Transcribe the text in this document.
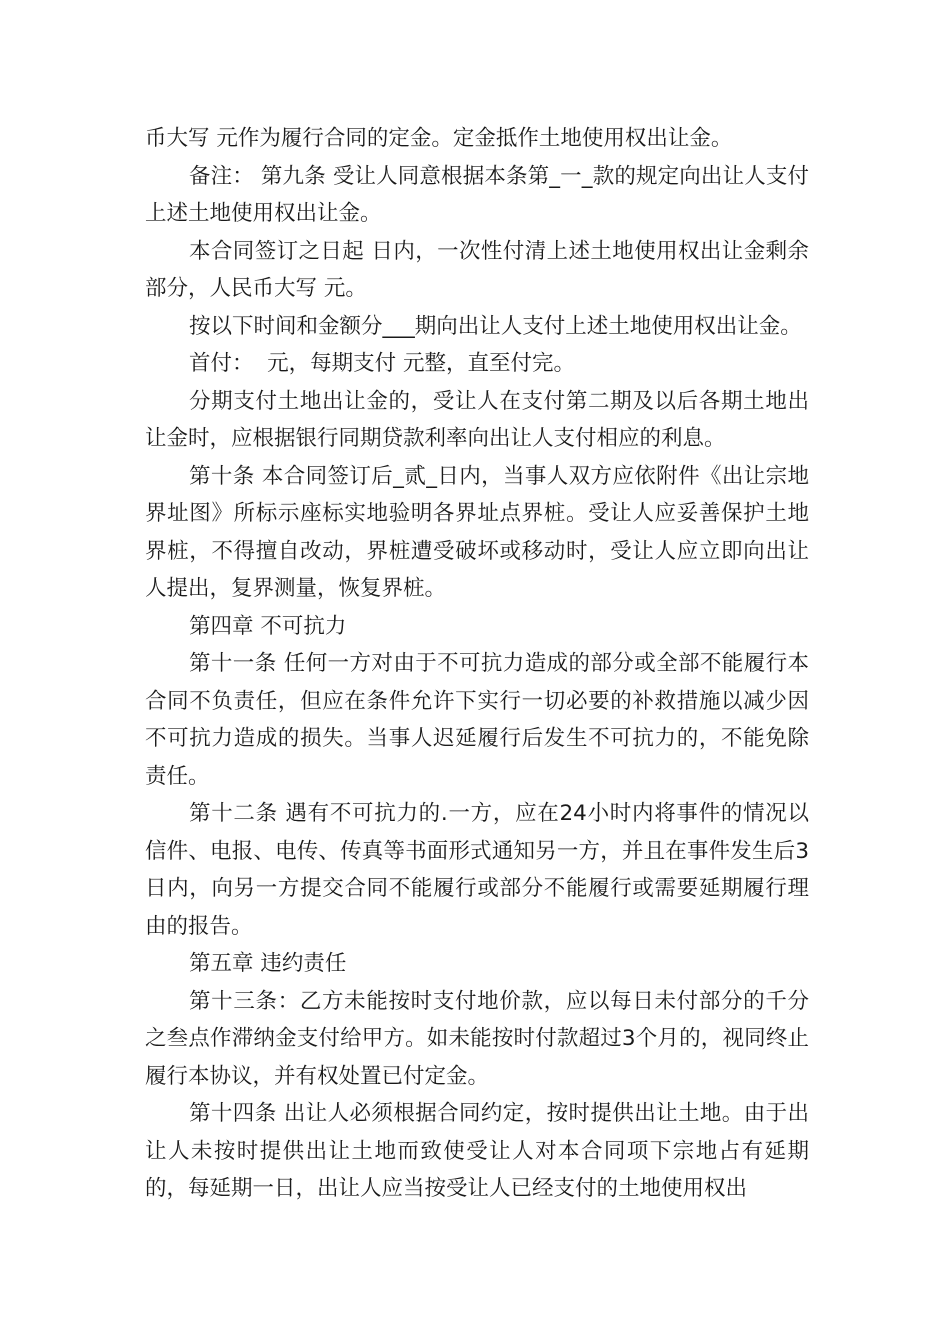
币大写 元作为履行合同的定金。定金抵作土地使用权出让金。

备注： 第九条 受让人同意根据本条第_一_款的规定向出让人支付上述土地使用权出让金。

本合同签订之日起 日内，一次性付清上述土地使用权出让金剩余部分，人民币大写 元。

按以下时间和金额分___期向出让人支付上述土地使用权出让金。

首付：  元，每期支付 元整，直至付完。

分期支付土地出让金的，受让人在支付第二期及以后各期土地出让金时，应根据银行同期贷款利率向出让人支付相应的利息。

第十条 本合同签订后_贰_日内，当事人双方应依附件《出让宗地界址图》所标示座标实地验明各界址点界桩。受让人应妥善保护土地界桩，不得擅自改动，界桩遭受破坏或移动时，受让人应立即向出让人提出，复界测量，恢复界桩。

第四章 不可抗力

第十一条 任何一方对由于不可抗力造成的部分或全部不能履行本合同不负责任，但应在条件允许下实行一切必要的补救措施以减少因不可抗力造成的损失。当事人迟延履行后发生不可抗力的，不能免除责任。

第十二条 遇有不可抗力的.一方，应在24小时内将事件的情况以信件、电报、电传、传真等书面形式通知另一方，并且在事件发生后3日内，向另一方提交合同不能履行或部分不能履行或需要延期履行理由的报告。

第五章 违约责任

第十三条：乙方未能按时支付地价款，应以每日未付部分的千分之叁点作滞纳金支付给甲方。如未能按时付款超过3个月的，视同终止履行本协议，并有权处置已付定金。

第十四条 出让人必须根据合同约定，按时提供出让土地。由于出让人未按时提供出让土地而致使受让人对本合同项下宗地占有延期的，每延期一日，出让人应当按受让人已经支付的土地使用权出
